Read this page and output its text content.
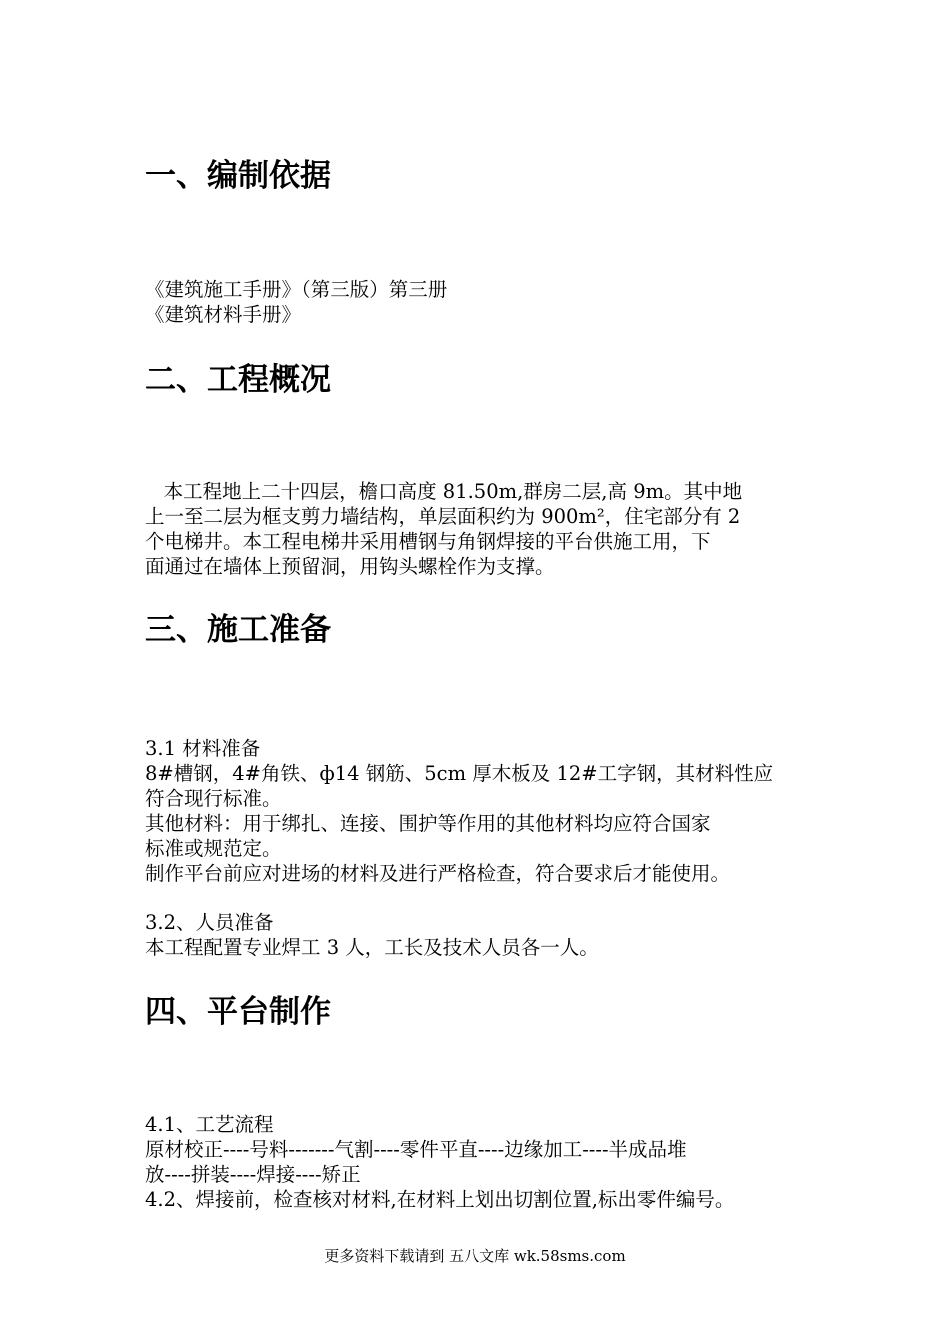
一、编制依据
《建筑施工手册》（第三版）第三册
《建筑材料手册》
二、工程概况
本工程地上二十四层，檐口高度 81.50m,群房二层,高 9m。其中地
上一至二层为框支剪力墙结构，单层面积约为 900m²，住宅部分有 2
个电梯井。本工程电梯井采用槽钢与角钢焊接的平台供施工用，下
面通过在墙体上预留洞，用钩头螺栓作为支撑。
三、施工准备
3.1 材料准备
8#槽钢，4#角铁、ф14 钢筋、5cm 厚木板及 12#工字钢，其材料性应
符合现行标准。
其他材料：用于绑扎、连接、围护等作用的其他材料均应符合国家
标准或规范定。
制作平台前应对进场的材料及进行严格检查，符合要求后才能使用。
3.2、人员准备
本工程配置专业焊工 3 人，工长及技术人员各一人。
四、平台制作
4.1、工艺流程
原材校正----号料-------气割----零件平直----边缘加工----半成品堆
放----拼装----焊接----矫正
4.2、焊接前，检查核对材料,在材料上划出切割位置,标出零件编号。
更多资料下载请到 五八文库 wk.58sms.com
